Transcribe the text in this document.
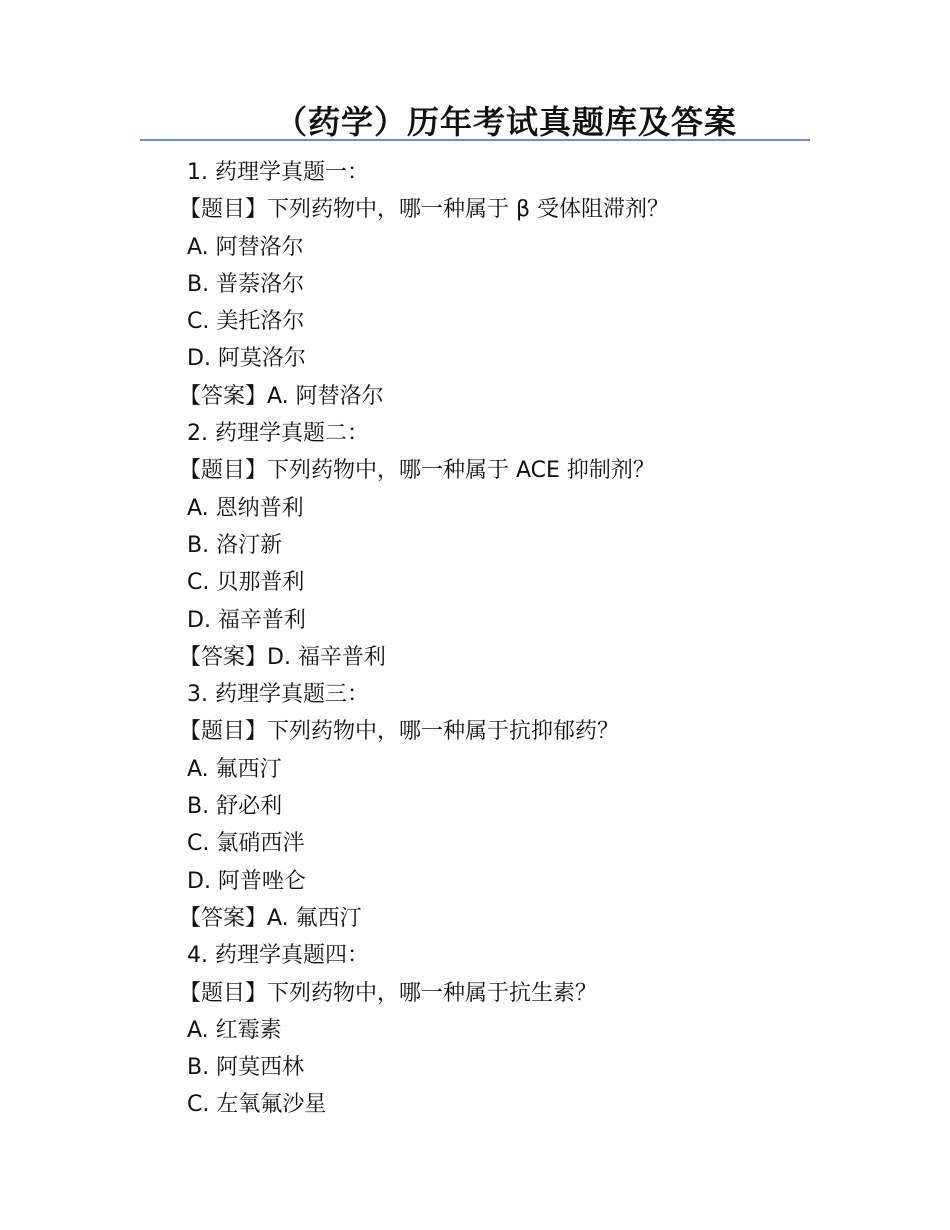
（药学）历年考试真题库及答案
1. 药理学真题一：
【题目】下列药物中，哪一种属于 β 受体阻滞剂？
A. 阿替洛尔
B. 普萘洛尔
C. 美托洛尔
D. 阿莫洛尔
【答案】A. 阿替洛尔
2. 药理学真题二：
【题目】下列药物中，哪一种属于 ACE 抑制剂？
A. 恩纳普利
B. 洛汀新
C. 贝那普利
D. 福辛普利
【答案】D. 福辛普利
3. 药理学真题三：
【题目】下列药物中，哪一种属于抗抑郁药？
A. 氟西汀
B. 舒必利
C. 氯硝西泮
D. 阿普唑仑
【答案】A. 氟西汀
4. 药理学真题四：
【题目】下列药物中，哪一种属于抗生素？
A. 红霉素
B. 阿莫西林
C. 左氧氟沙星
